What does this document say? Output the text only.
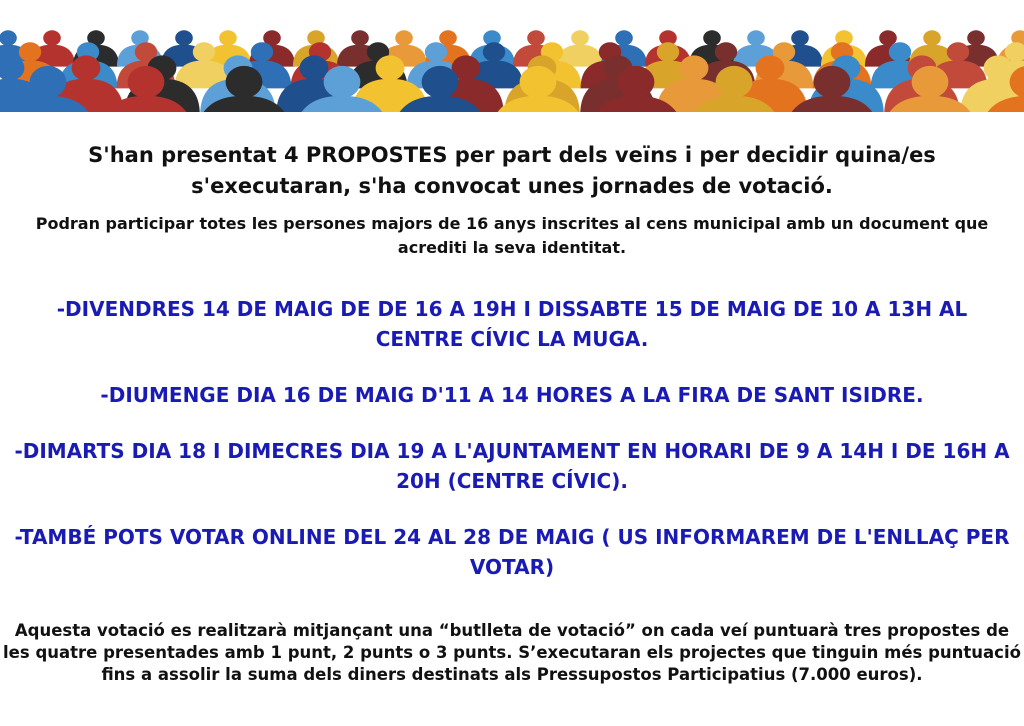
S'han presentat 4 PROPOSTES per part dels veïns i per decidir quina/es s'executaran, s'ha convocat unes jornades de votació.
Podran participar totes les persones majors de 16 anys inscrites al cens municipal amb un document que acrediti la seva identitat.
-DIVENDRES 14 DE MAIG DE DE 16 A 19H I DISSABTE 15 DE MAIG DE 10 A 13H AL CENTRE CÍVIC LA MUGA.
-DIUMENGE DIA 16 DE MAIG D'11 A 14 HORES A LA FIRA DE SANT ISIDRE.
-DIMARTS DIA 18 I DIMECRES DIA 19 A L'AJUNTAMENT EN HORARI DE 9 A 14H I DE 16H A 20H (CENTRE CÍVIC).
-TAMBÉ POTS VOTAR ONLINE DEL 24 AL 28 DE MAIG ( US INFORMAREM DE L'ENLLAÇ PER VOTAR)
Aquesta votació es realitzarà mitjançant una “butlleta de votació” on cada veí puntuarà tres propostes de les quatre presentades amb 1 punt, 2 punts o 3 punts. S’executaran els projectes que tinguin més puntuació fins a assolir la suma dels diners destinats als Pressupostos Participatius (7.000 euros).
